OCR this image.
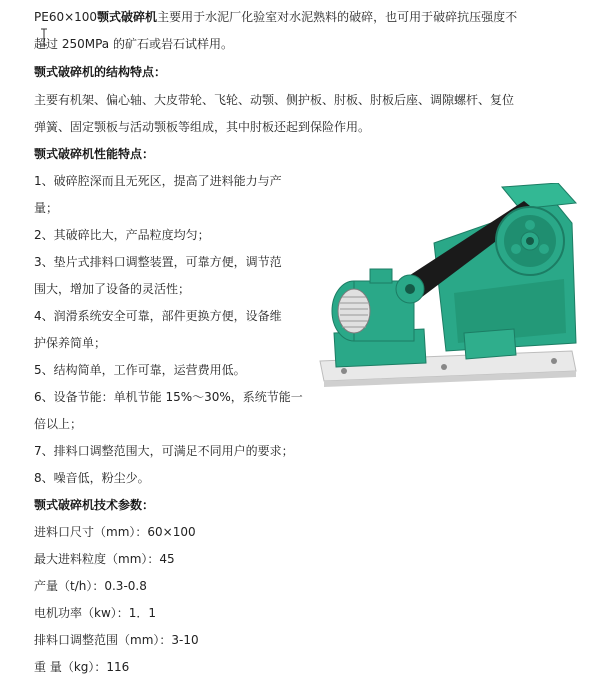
PE60×100颚式破碎机主要用于水泥厂化验室对水泥熟料的破碎，也可用于破碎抗压强度不
超过 250MPa 的矿石或岩石试样用。
颚式破碎机的结构特点：
主要有机架、偏心轴、大皮带轮、飞轮、动颚、侧护板、肘板、肘板后座、调隙螺杆、复位
弹簧、固定颚板与活动颚板等组成，其中肘板还起到保险作用。
颚式破碎机性能特点：
1、破碎腔深而且无死区，提高了进料能力与产
量；
2、其破碎比大，产品粒度均匀；
3、垫片式排料口调整装置，可靠方便，调节范
围大，增加了设备的灵活性；
4、润滑系统安全可靠，部件更换方便，设备维
护保养简单；
5、结构简单，工作可靠，运营费用低。
6、设备节能：单机节能 15%～30%，系统节能一
倍以上；
7、排料口调整范围大，可满足不同用户的要求；
8、噪音低，粉尘少。
颚式破碎机技术参数：
进料口尺寸（mm）：60×100
最大进料粒度（mm）：45
产量（t/h）：0.3-0.8
电机功率（kw）：1．1
排料口调整范围（mm）：3-10
重 量（kg）：116
